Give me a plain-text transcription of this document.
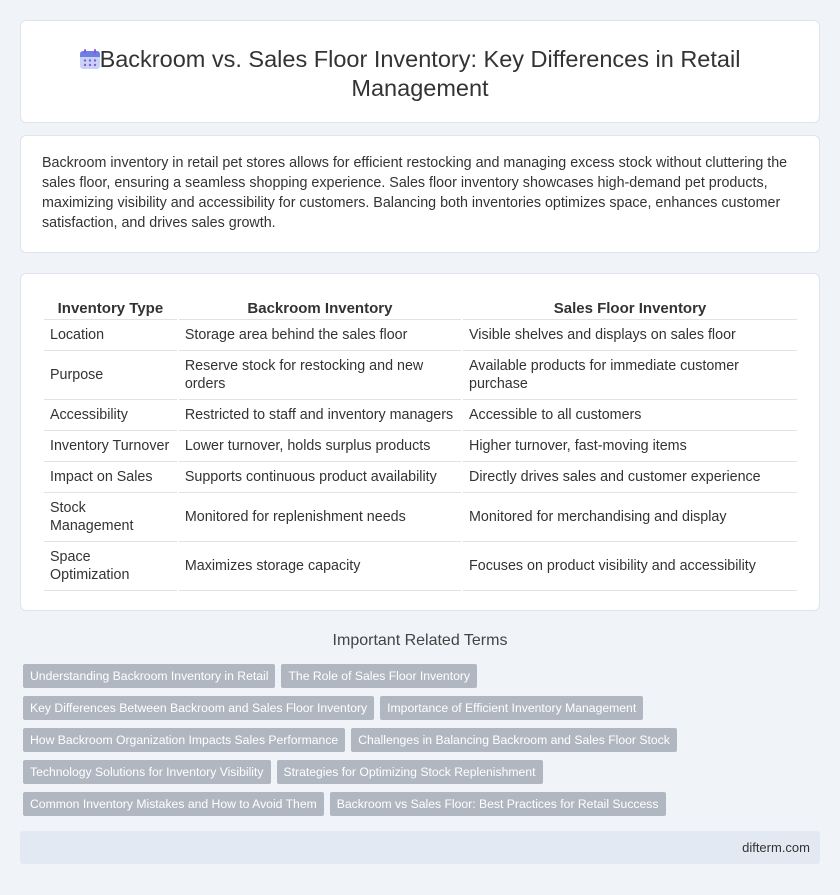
Backroom vs. Sales Floor Inventory: Key Differences in Retail Management

Backroom inventory in retail pet stores allows for efficient restocking and managing excess stock without cluttering the sales floor, ensuring a seamless shopping experience. Sales floor inventory showcases high-demand pet products, maximizing visibility and accessibility for customers. Balancing both inventories optimizes space, enhances customer satisfaction, and drives sales growth.

Inventory Type	Backroom Inventory	Sales Floor Inventory
Location	Storage area behind the sales floor	Visible shelves and displays on sales floor
Purpose	Reserve stock for restocking and new orders	Available products for immediate customer purchase
Accessibility	Restricted to staff and inventory managers	Accessible to all customers
Inventory Turnover	Lower turnover, holds surplus products	Higher turnover, fast-moving items
Impact on Sales	Supports continuous product availability	Directly drives sales and customer experience
Stock Management	Monitored for replenishment needs	Monitored for merchandising and display
Space Optimization	Maximizes storage capacity	Focuses on product visibility and accessibility
Important Related Terms
Understanding Backroom Inventory in Retail The Role of Sales Floor Inventory
Key Differences Between Backroom and Sales Floor Inventory Importance of Efficient Inventory Management
How Backroom Organization Impacts Sales Performance Challenges in Balancing Backroom and Sales Floor Stock
Technology Solutions for Inventory Visibility Strategies for Optimizing Stock Replenishment
Common Inventory Mistakes and How to Avoid Them Backroom vs Sales Floor: Best Practices for Retail Success
difterm.com
